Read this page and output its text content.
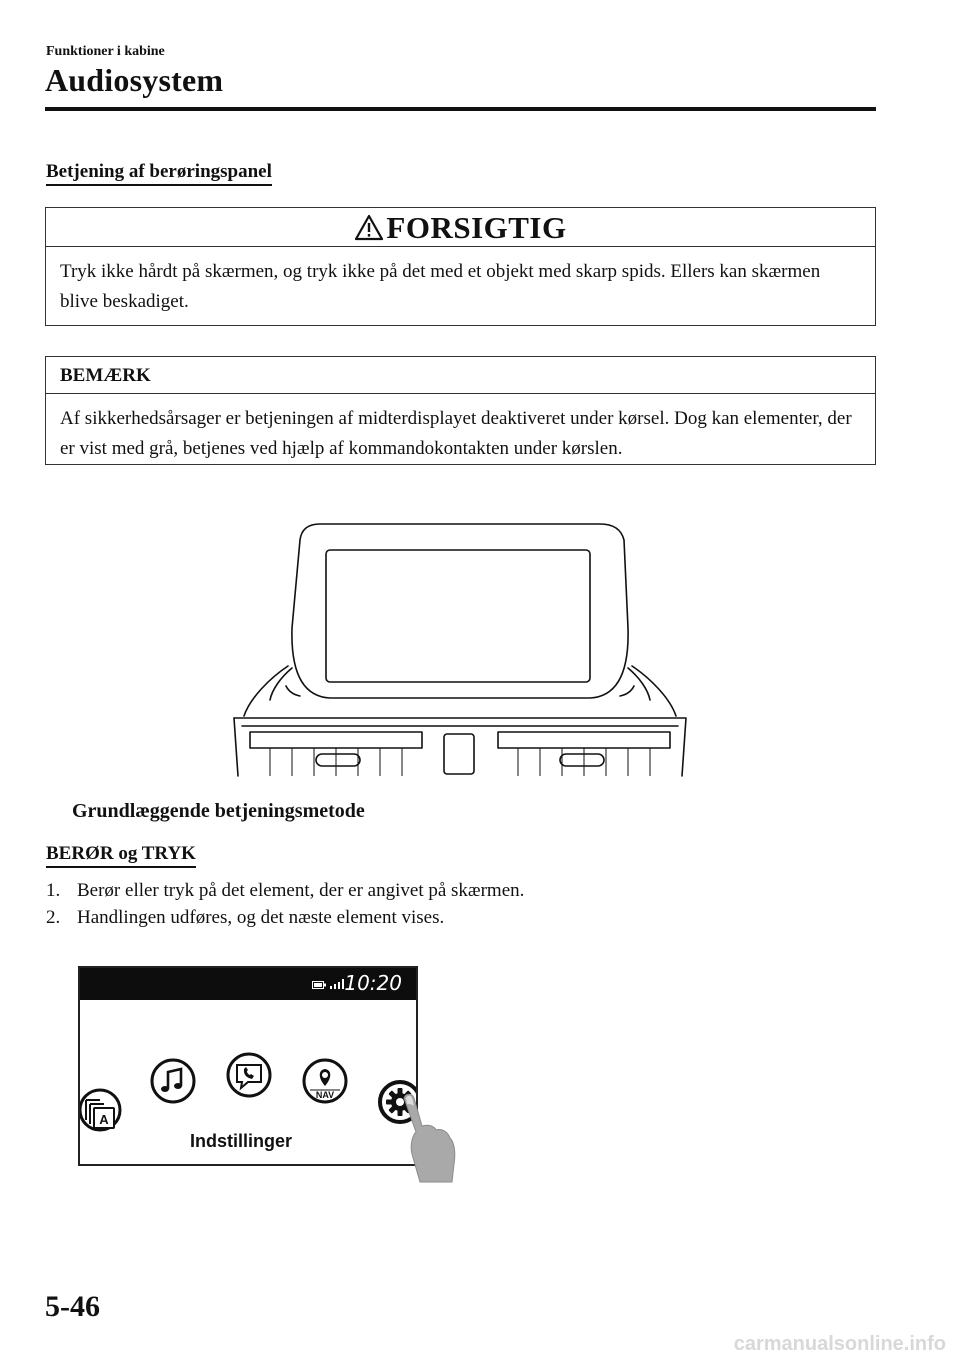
Funktioner i kabine
Audiosystem
Betjening af berøringspanel
FORSIGTIG
Tryk ikke hårdt på skærmen, og tryk ikke på det med et objekt med skarp spids. Ellers kan skærmen blive beskadiget.
BEMÆRK
Af sikkerhedsårsager er betjeningen af midterdisplayet deaktiveret under kørsel. Dog kan elementer, der er vist med grå, betjenes ved hjælp af kommandokontakten under kørslen.
Grundlæggende betjeningsmetode
BERØR og TRYK
1. Berør eller tryk på det element, der er angivet på skærmen.
2. Handlingen udføres, og det næste element vises.
10:20
A
NAV
Indstillinger
5-46
carmanualsonline.info
